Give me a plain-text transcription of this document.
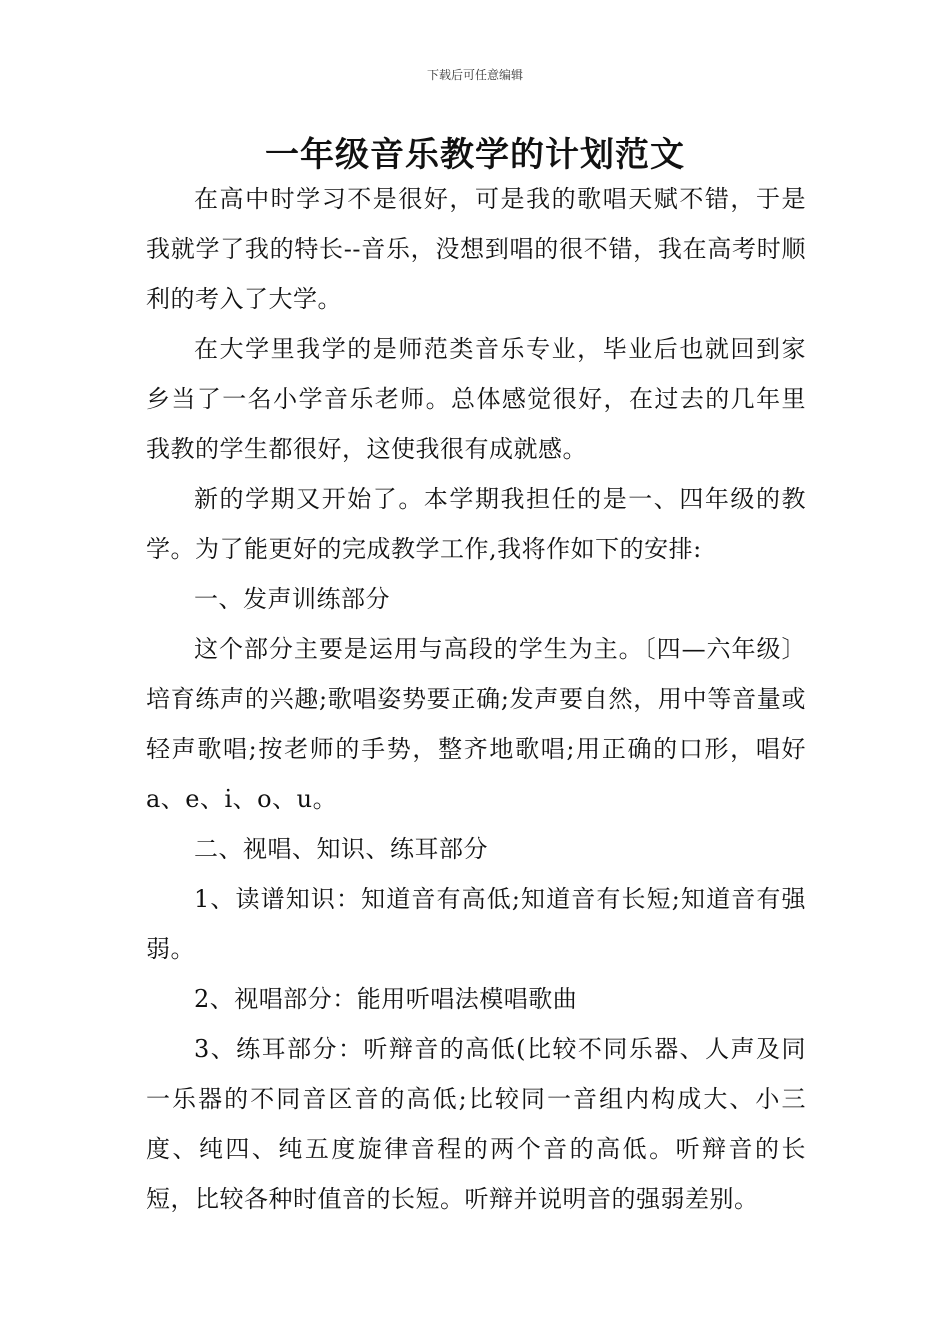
下载后可任意编辑
一年级音乐教学的计划范文

在高中时学习不是很好，可是我的歌唱天赋不错，于是我就学了我的特长--音乐，没想到唱的很不错，我在高考时顺利的考入了大学。

在大学里我学的是师范类音乐专业，毕业后也就回到家乡当了一名小学音乐老师。总体感觉很好，在过去的几年里我教的学生都很好，这使我很有成就感。

新的学期又开始了。本学期我担任的是一、四年级的教学。为了能更好的完成教学工作,我将作如下的安排:

一、发声训练部分

这个部分主要是运用与高段的学生为主。〔四—六年级〕培育练声的兴趣;歌唱姿势要正确;发声要自然，用中等音量或轻声歌唱;按老师的手势，整齐地歌唱;用正确的口形，唱好a、e、i、o、u。

二、视唱、知识、练耳部分

1、读谱知识：知道音有高低;知道音有长短;知道音有强弱。

2、视唱部分：能用听唱法模唱歌曲

3、练耳部分：听辩音的高低(比较不同乐器、人声及同一乐器的不同音区音的高低;比较同一音组内构成大、小三度、纯四、纯五度旋律音程的两个音的高低。听辩音的长短，比较各种时值音的长短。听辩并说明音的强弱差别。
